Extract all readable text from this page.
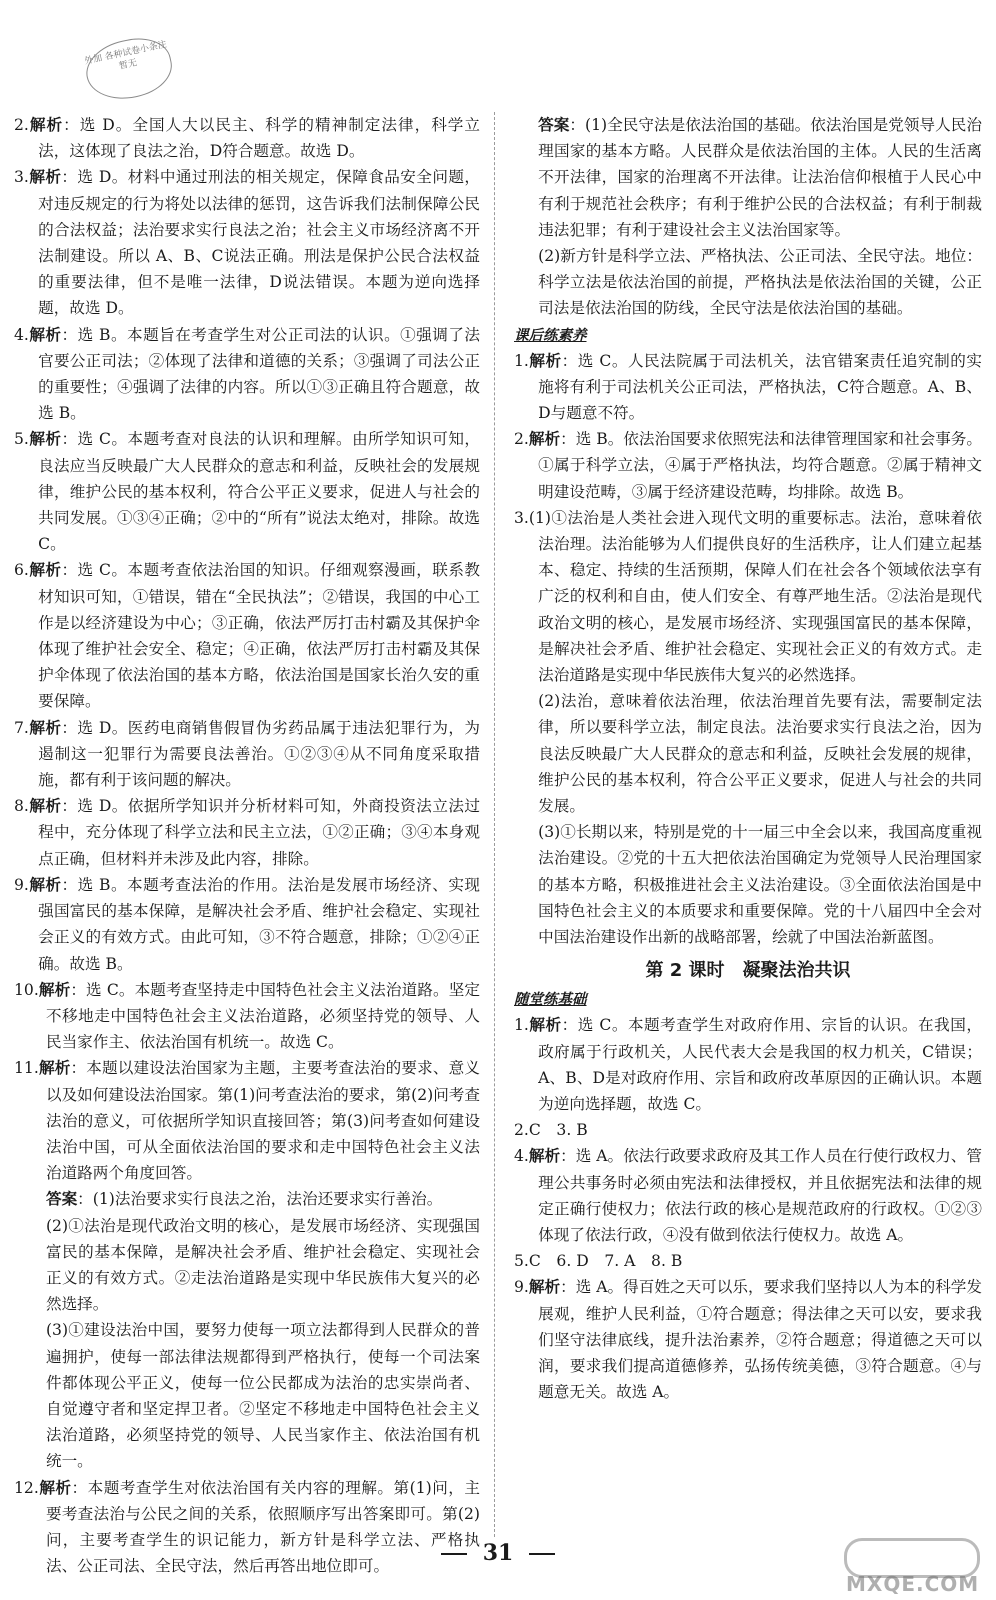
外加 各种试卷小条注 暂无

2.解析：选 D。全国人大以民主、科学的精神制定法律，科学立法，这体现了良法之治，D符合题意。故选 D。

3.解析：选 D。材料中通过刑法的相关规定，保障食品安全问题，对违反规定的行为将处以法律的惩罚，这告诉我们法制保障公民的合法权益；法治要求实行良法之治；社会主义市场经济离不开法制建设。所以 A、B、C说法正确。刑法是保护公民合法权益的重要法律，但不是唯一法律，D说法错误。本题为逆向选择题，故选 D。

4.解析：选 B。本题旨在考查学生对公正司法的认识。①强调了法官要公正司法；②体现了法律和道德的关系；③强调了司法公正的重要性；④强调了法律的内容。所以①③正确且符合题意，故选 B。

5.解析：选 C。本题考查对良法的认识和理解。由所学知识可知，良法应当反映最广大人民群众的意志和利益，反映社会的发展规律，维护公民的基本权利，符合公平正义要求，促进人与社会的共同发展。①③④正确；②中的“所有”说法太绝对，排除。故选 C。

6.解析：选 C。本题考查依法治国的知识。仔细观察漫画，联系教材知识可知，①错误，错在“全民执法”；②错误，我国的中心工作是以经济建设为中心；③正确，依法严厉打击村霸及其保护伞体现了维护社会安全、稳定；④正确，依法严厉打击村霸及其保护伞体现了依法治国的基本方略，依法治国是国家长治久安的重要保障。

7.解析：选 D。医药电商销售假冒伪劣药品属于违法犯罪行为，为遏制这一犯罪行为需要良法善治。①②③④从不同角度采取措施，都有利于该问题的解决。

8.解析：选 D。依据所学知识并分析材料可知，外商投资法立法过程中，充分体现了科学立法和民主立法，①②正确；③④本身观点正确，但材料并未涉及此内容，排除。

9.解析：选 B。本题考查法治的作用。法治是发展市场经济、实现强国富民的基本保障，是解决社会矛盾、维护社会稳定、实现社会正义的有效方式。由此可知，③不符合题意，排除；①②④正确。故选 B。

10.解析：选 C。本题考查坚持走中国特色社会主义法治道路。坚定不移地走中国特色社会主义法治道路，必须坚持党的领导、人民当家作主、依法治国有机统一。故选 C。

11.解析：本题以建设法治国家为主题，主要考查法治的要求、意义以及如何建设法治国家。第(1)问考查法治的要求，第(2)问考查法治的意义，可依据所学知识直接回答；第(3)问考查如何建设法治中国，可从全面依法治国的要求和走中国特色社会主义法治道路两个角度回答。

答案：(1)法治要求实行良法之治，法治还要求实行善治。

(2)①法治是现代政治文明的核心，是发展市场经济、实现强国富民的基本保障，是解决社会矛盾、维护社会稳定、实现社会正义的有效方式。②走法治道路是实现中华民族伟大复兴的必然选择。

(3)①建设法治中国，要努力使每一项立法都得到人民群众的普遍拥护，使每一部法律法规都得到严格执行，使每一个司法案件都体现公平正义，使每一位公民都成为法治的忠实崇尚者、自觉遵守者和坚定捍卫者。②坚定不移地走中国特色社会主义法治道路，必须坚持党的领导、人民当家作主、依法治国有机统一。

12.解析：本题考查学生对依法治国有关内容的理解。第(1)问，主要考查法治与公民之间的关系，依照顺序写出答案即可。第(2)问，主要考查学生的识记能力，新方针是科学立法、严格执法、公正司法、全民守法，然后再答出地位即可。

答案：(1)全民守法是依法治国的基础。依法治国是党领导人民治理国家的基本方略。人民群众是依法治国的主体。人民的生活离不开法律，国家的治理离不开法律。让法治信仰根植于人民心中有利于规范社会秩序；有利于维护公民的合法权益；有利于制裁违法犯罪；有利于建设社会主义法治国家等。

(2)新方针是科学立法、严格执法、公正司法、全民守法。地位：科学立法是依法治国的前提，严格执法是依法治国的关键，公正司法是依法治国的防线，全民守法是依法治国的基础。

课后练素养

1.解析：选 C。人民法院属于司法机关，法官错案责任追究制的实施将有利于司法机关公正司法，严格执法，C符合题意。A、B、D与题意不符。

2.解析：选 B。依法治国要求依照宪法和法律管理国家和社会事务。①属于科学立法，④属于严格执法，均符合题意。②属于精神文明建设范畴，③属于经济建设范畴，均排除。故选 B。

3.(1)①法治是人类社会进入现代文明的重要标志。法治，意味着依法治理。法治能够为人们提供良好的生活秩序，让人们建立起基本、稳定、持续的生活预期，保障人们在社会各个领域依法享有广泛的权利和自由，使人们安全、有尊严地生活。②法治是现代政治文明的核心，是发展市场经济、实现强国富民的基本保障，是解决社会矛盾、维护社会稳定、实现社会正义的有效方式。走法治道路是实现中华民族伟大复兴的必然选择。

(2)法治，意味着依法治理，依法治理首先要有法，需要制定法律，所以要科学立法，制定良法。法治要求实行良法之治，因为良法反映最广大人民群众的意志和利益，反映社会发展的规律，维护公民的基本权利，符合公平正义要求，促进人与社会的共同发展。

(3)①长期以来，特别是党的十一届三中全会以来，我国高度重视法治建设。②党的十五大把依法治国确定为党领导人民治理国家的基本方略，积极推进社会主义法治建设。③全面依法治国是中国特色社会主义的本质要求和重要保障。党的十八届四中全会对中国法治建设作出新的战略部署，绘就了中国法治新蓝图。

第 2 课时　凝聚法治共识

随堂练基础

1.解析：选 C。本题考查学生对政府作用、宗旨的认识。在我国，政府属于行政机关，人民代表大会是我国的权力机关，C错误；A、B、D是对政府作用、宗旨和政府改革原因的正确认识。本题为逆向选择题，故选 C。

2.C　3. B

4.解析：选 A。依法行政要求政府及其工作人员在行使行政权力、管理公共事务时必须由宪法和法律授权，并且依据宪法和法律的规定正确行使权力；依法行政的核心是规范政府的行政权。①②③体现了依法行政，④没有做到依法行使权力。故选 A。

5.C　6. D　7. A　8. B

9.解析：选 A。得百姓之天可以乐，要求我们坚持以人为本的科学发展观，维护人民利益，①符合题意；得法律之天可以安，要求我们坚守法律底线，提升法治素养，②符合题意；得道德之天可以润，要求我们提高道德修养，弘扬传统美德，③符合题意。④与题意无关。故选 A。

31
MXQE.COM
